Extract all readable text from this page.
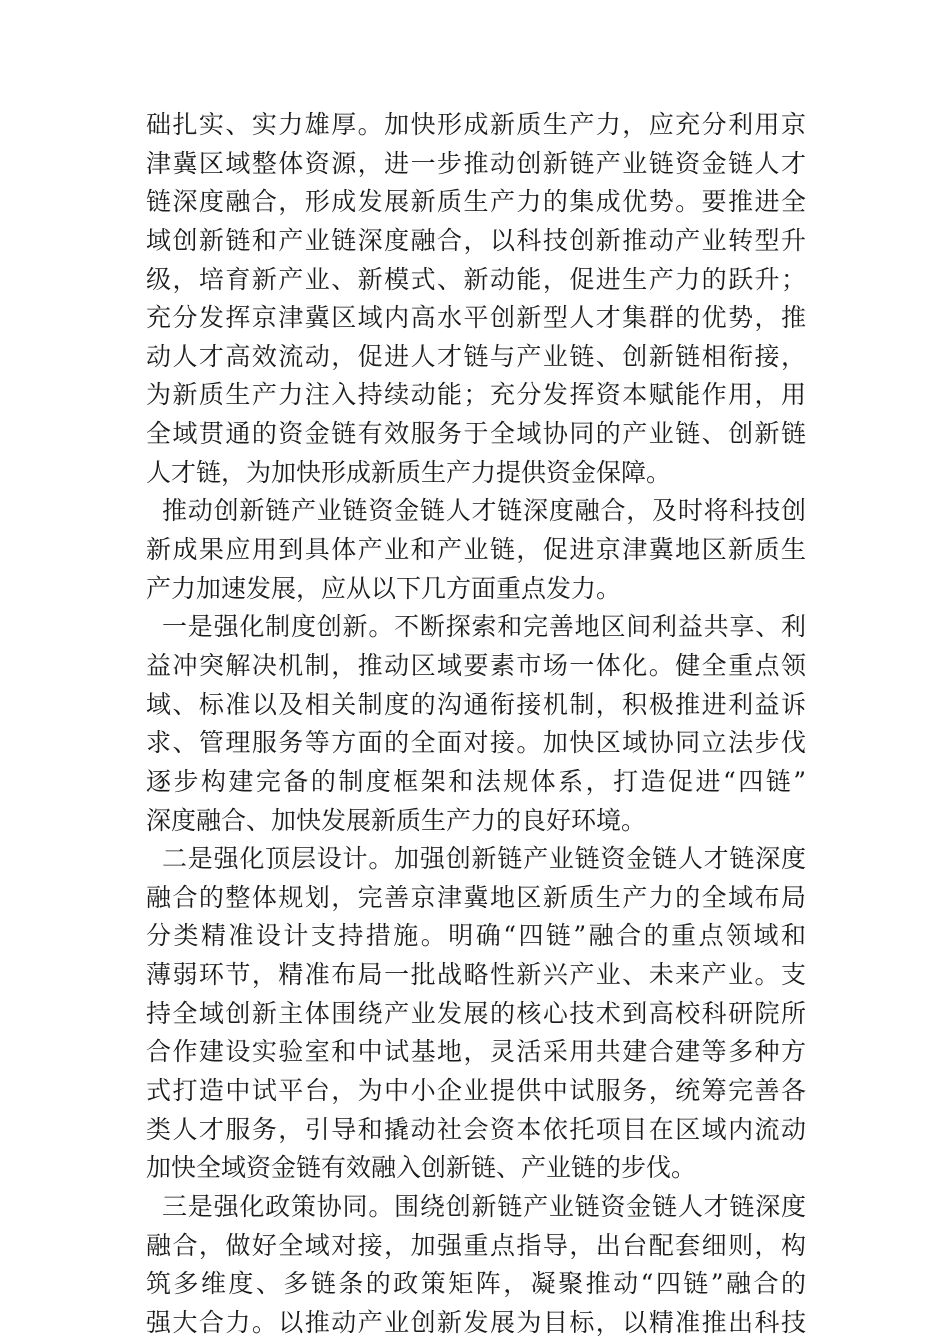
础扎实、实力雄厚。加快形成新质生产力，应充分利用京
津冀区域整体资源，进一步推动创新链产业链资金链人才
链深度融合，形成发展新质生产力的集成优势。要推进全
域创新链和产业链深度融合，以科技创新推动产业转型升
级，培育新产业、新模式、新动能，促进生产力的跃升；
充分发挥京津冀区域内高水平创新型人才集群的优势，推
动人才高效流动，促进人才链与产业链、创新链相衔接，
为新质生产力注入持续动能；充分发挥资本赋能作用，用
全域贯通的资金链有效服务于全域协同的产业链、创新链
人才链，为加快形成新质生产力提供资金保障。
推动创新链产业链资金链人才链深度融合，及时将科技创
新成果应用到具体产业和产业链，促进京津冀地区新质生
产力加速发展，应从以下几方面重点发力。
一是强化制度创新。不断探索和完善地区间利益共享、利
益冲突解决机制，推动区域要素市场一体化。健全重点领
域、标准以及相关制度的沟通衔接机制，积极推进利益诉
求、管理服务等方面的全面对接。加快区域协同立法步伐
逐步构建完备的制度框架和法规体系，打造促进“四链”
深度融合、加快发展新质生产力的良好环境。
二是强化顶层设计。加强创新链产业链资金链人才链深度
融合的整体规划，完善京津冀地区新质生产力的全域布局
分类精准设计支持措施。明确“四链”融合的重点领域和
薄弱环节，精准布局一批战略性新兴产业、未来产业。支
持全域创新主体围绕产业发展的核心技术到高校科研院所
合作建设实验室和中试基地，灵活采用共建合建等多种方
式打造中试平台，为中小企业提供中试服务，统筹完善各
类人才服务，引导和撬动社会资本依托项目在区域内流动
加快全域资金链有效融入创新链、产业链的步伐。
三是强化政策协同。围绕创新链产业链资金链人才链深度
融合，做好全域对接，加强重点指导，出台配套细则，构
筑多维度、多链条的政策矩阵，凝聚推动“四链”融合的
强大合力。以推动产业创新发展为目标，以精准推出科技
